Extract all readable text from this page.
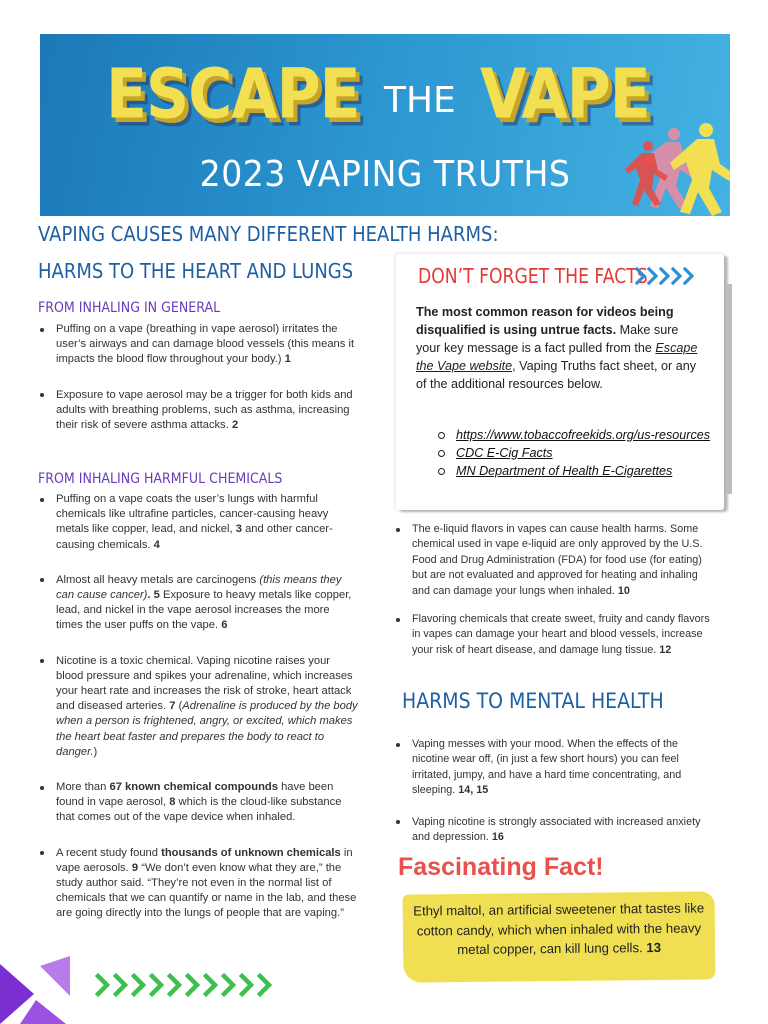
ESCAPE THE VAPE
2023 VAPING TRUTHS
VAPING CAUSES MANY DIFFERENT HEALTH HARMS:
HARMS TO THE HEART AND LUNGS
FROM INHALING IN GENERAL
Puffing on a vape (breathing in vape aerosol) irritates the user’s airways and can damage blood vessels (this means it impacts the blood flow throughout your body.) 1
Exposure to vape aerosol may be a trigger for both kids and adults with breathing problems, such as asthma, increasing their risk of severe asthma attacks. 2
FROM INHALING HARMFUL CHEMICALS
Puffing on a vape coats the user’s lungs with harmful chemicals like ultrafine particles, cancer-causing heavy metals like copper, lead, and nickel, 3 and other cancer-causing chemicals. 4
Almost all heavy metals are carcinogens (this means they can cause cancer). 5 Exposure to heavy metals like copper, lead, and nickel in the vape aerosol increases the more times the user puffs on the vape. 6
Nicotine is a toxic chemical. Vaping nicotine raises your blood pressure and spikes your adrenaline, which increases your heart rate and increases the risk of stroke, heart attack and diseased arteries. 7 (Adrenaline is produced by the body when a person is frightened, angry, or excited, which makes the heart beat faster and prepares the body to react to danger.)
More than 67 known chemical compounds have been found in vape aerosol, 8 which is the cloud-like substance that comes out of the vape device when inhaled.
A recent study found thousands of unknown chemicals in vape aerosols. 9 “We don’t even know what they are,” the study author said. “They’re not even in the normal list of chemicals that we can quantify or name in the lab, and these are going directly into the lungs of people that are vaping.”
DON’T FORGET THE FACTS

The most common reason for videos being disqualified is using untrue facts. Make sure your key message is a fact pulled from the Escape the Vape website, Vaping Truths fact sheet, or any of the additional resources below.

https://www.tobaccofreekids.org/us-resources
CDC E-Cig Facts
MN Department of Health E-Cigarettes
The e-liquid flavors in vapes can cause health harms. Some chemical used in vape e-liquid are only approved by the U.S. Food and Drug Administration (FDA) for food use (for eating) but are not evaluated and approved for heating and inhaling and can damage your lungs when inhaled. 10
Flavoring chemicals that create sweet, fruity and candy flavors in vapes can damage your heart and blood vessels, increase your risk of heart disease, and damage lung tissue. 12
HARMS TO MENTAL HEALTH
Vaping messes with your mood. When the effects of the nicotine wear off, (in just a few short hours) you can feel irritated, jumpy, and have a hard time concentrating, and sleeping. 14, 15
Vaping nicotine is strongly associated with increased anxiety and depression. 16
Fascinating Fact!

Ethyl maltol, an artificial sweetener that tastes like cotton candy, which when inhaled with the heavy metal copper, can kill lung cells. 13
